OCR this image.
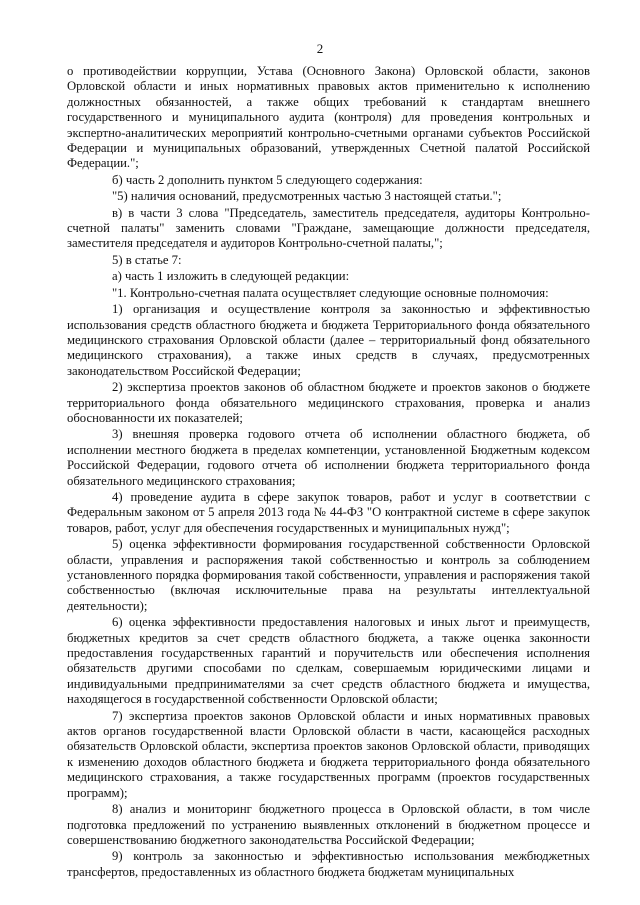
2

о противодействии коррупции, Устава (Основного Закона) Орловской области, законов Орловской области и иных нормативных правовых актов применительно к исполнению должностных обязанностей, а также общих требований к стандартам внешнего государственного и муниципального аудита (контроля) для проведения контрольных и экспертно-аналитических мероприятий контрольно-счетными органами субъектов Российской Федерации и муниципальных образований, утвержденных Счетной палатой Российской Федерации.";

б) часть 2 дополнить пунктом 5 следующего содержания:

"5) наличия оснований, предусмотренных частью 3 настоящей статьи.";

в) в части 3 слова "Председатель, заместитель председателя, аудиторы Контрольно-счетной палаты" заменить словами "Граждане, замещающие должности председателя, заместителя председателя и аудиторов Контрольно-счетной палаты,";

5) в статье 7:

а) часть 1 изложить в следующей редакции:

"1. Контрольно-счетная палата осуществляет следующие основные полномочия:

1) организация и осуществление контроля за законностью и эффективностью использования средств областного бюджета и бюджета Территориального фонда обязательного медицинского страхования Орловской области (далее – территориальный фонд обязательного медицинского страхования), а также иных средств в случаях, предусмотренных законодательством Российской Федерации;

2) экспертиза проектов законов об областном бюджете и проектов законов о бюджете территориального фонда обязательного медицинского страхования, проверка и анализ обоснованности их показателей;

3) внешняя проверка годового отчета об исполнении областного бюджета, об исполнении местного бюджета в пределах компетенции, установленной Бюджетным кодексом Российской Федерации, годового отчета об исполнении бюджета территориального фонда обязательного медицинского страхования;

4) проведение аудита в сфере закупок товаров, работ и услуг в соответствии с Федеральным законом от 5 апреля 2013 года № 44-ФЗ "О контрактной системе в сфере закупок товаров, работ, услуг для обеспечения государственных и муниципальных нужд";

5) оценка эффективности формирования государственной собственности Орловской области, управления и распоряжения такой собственностью и контроль за соблюдением установленного порядка формирования такой собственности, управления и распоряжения такой собственностью (включая исключительные права на результаты интеллектуальной деятельности);

6) оценка эффективности предоставления налоговых и иных льгот и преимуществ, бюджетных кредитов за счет средств областного бюджета, а также оценка законности предоставления государственных гарантий и поручительств или обеспечения исполнения обязательств другими способами по сделкам, совершаемым юридическими лицами и индивидуальными предпринимателями за счет средств областного бюджета и имущества, находящегося в государственной собственности Орловской области;

7) экспертиза проектов законов Орловской области и иных нормативных правовых актов органов государственной власти Орловской области в части, касающейся расходных обязательств Орловской области, экспертиза проектов законов Орловской области, приводящих к изменению доходов областного бюджета и бюджета территориального фонда обязательного медицинского страхования, а также государственных программ (проектов государственных программ);

8) анализ и мониторинг бюджетного процесса в Орловской области, в том числе подготовка предложений по устранению выявленных отклонений в бюджетном процессе и совершенствованию бюджетного законодательства Российской Федерации;

9) контроль за законностью и эффективностью использования межбюджетных трансфертов, предоставленных из областного бюджета бюджетам муниципальных
